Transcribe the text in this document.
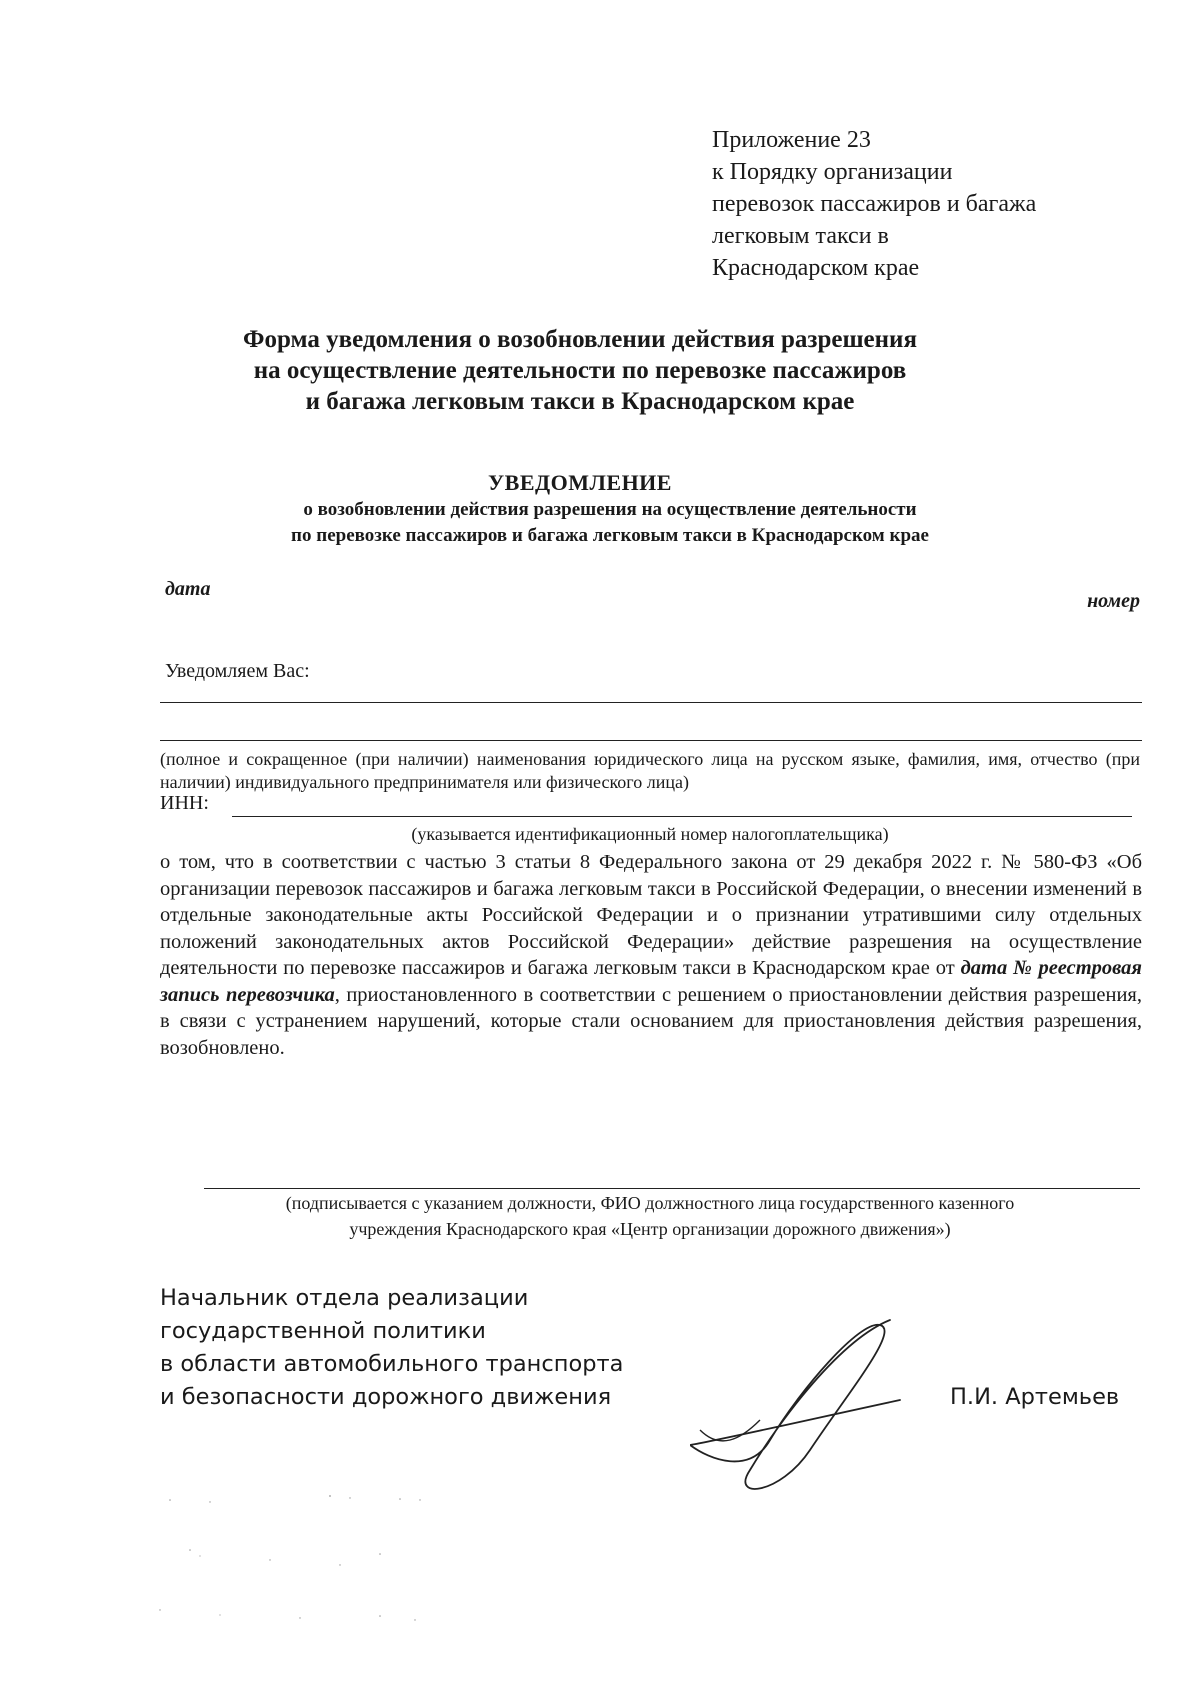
Приложение 23
к Порядку организации
перевозок пассажиров и багажа
легковым такси в
Краснодарском крае
Форма уведомления о возобновлении действия разрешения
на осуществление деятельности по перевозке пассажиров
и багажа легковым такси в Краснодарском крае
УВЕДОМЛЕНИЕ
о возобновлении действия разрешения на осуществление деятельности
по перевозке пассажиров и багажа легковым такси в Краснодарском крае
дата
номер
Уведомляем Вас:
(полное и сокращенное (при наличии) наименования юридического лица на русском языке, фамилия, имя, отчество (при наличии) индивидуального предпринимателя или физического лица)
ИНН:
(указывается идентификационный номер налогоплательщика)
о том, что в соответствии с частью 3 статьи 8 Федерального закона от 29 декабря 2022 г. № 580-ФЗ «Об организации перевозок пассажиров и багажа легковым такси в Российской Федерации, о внесении изменений в отдельные законодательные акты Российской Федерации и о признании утратившими силу отдельных положений законодательных актов Российской Федерации» действие разрешения на осуществление деятельности по перевозке пассажиров и багажа легковым такси в Краснодарском крае от дата № реестровая запись перевозчика, приостановленного в соответствии с решением о приостановлении действия разрешения, в связи с устранением нарушений, которые стали основанием для приостановления действия разрешения, возобновлено.
(подписывается с указанием должности, ФИО должностного лица государственного казенного
учреждения Краснодарского края «Центр организации дорожного движения»)
Начальник отдела реализации
государственной политики
в области автомобильного транспорта
и безопасности дорожного движения	П.И. Артемьев
